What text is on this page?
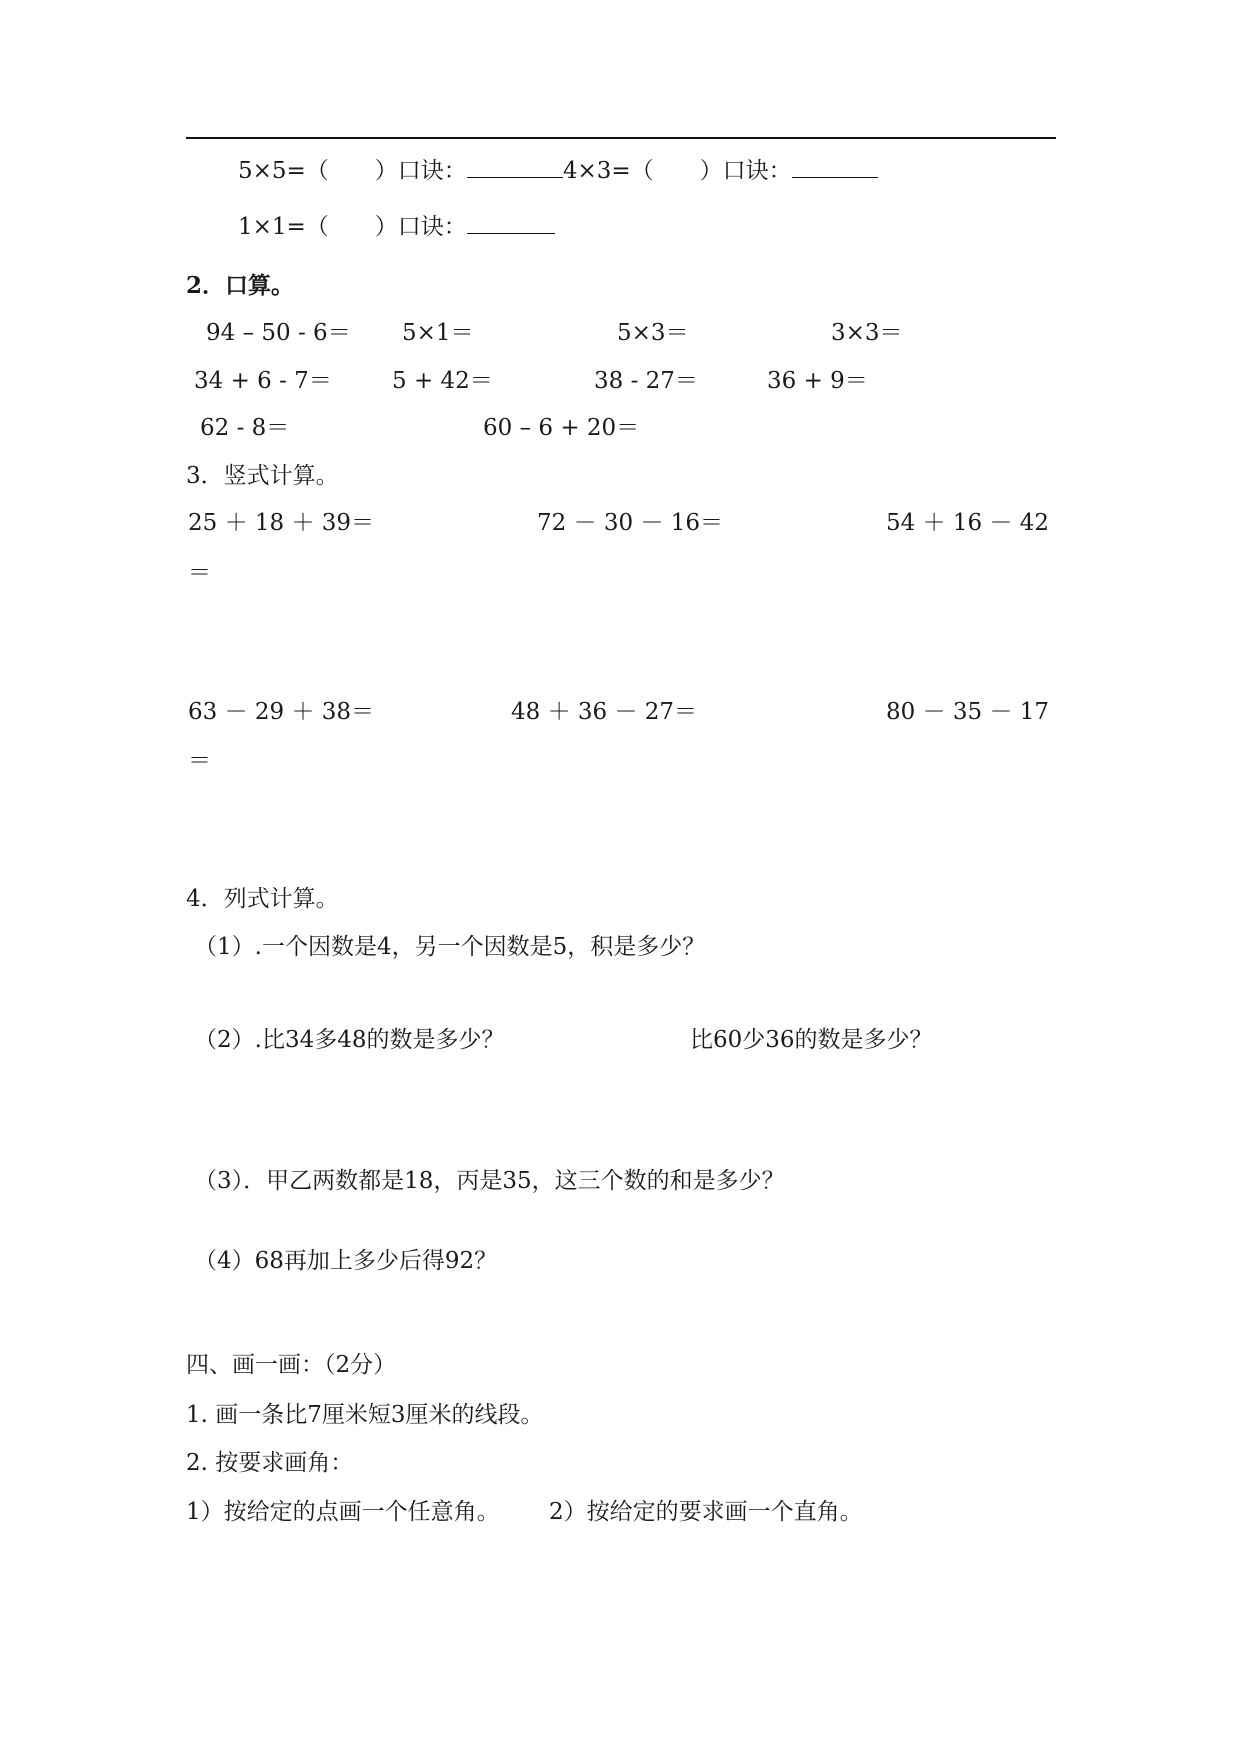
5×5=（　　）口诀：	4×3=（　　）口诀：
1×1=（　　）口诀：
2．口算。
94 – 50 - 6＝ 5×1＝	5×3＝	3×3＝
34 + 6 - 7＝	5 + 42＝	38 - 27＝	36 + 9＝
62 - 8＝	60 – 6 + 20＝
3．竖式计算。
25 ＋ 18 ＋ 39＝	72 － 30 － 16＝	54 ＋ 16 － 42
＝
63 － 29 ＋ 38＝	48 ＋ 36 － 27＝	80 － 35 － 17
＝
4．列式计算。
（1）.一个因数是4，另一个因数是5，积是多少？
（2）.比34多48的数是多少？	比60少36的数是多少？
（3）．甲乙两数都是18，丙是35，这三个数的和是多少？
（4）68再加上多少后得92？
四、画一画：（2分）
1. 画一条比7厘米短3厘米的线段。
2. 按要求画角：
1）按给定的点画一个任意角。 2）按给定的要求画一个直角。
